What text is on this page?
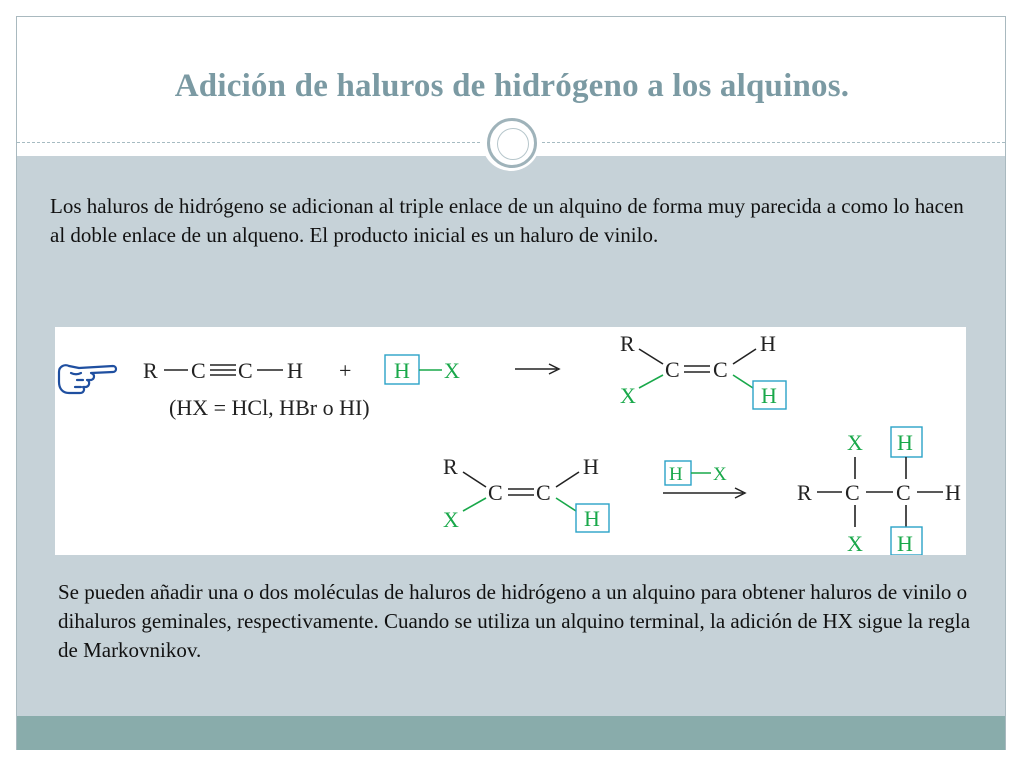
Adición de haluros de hidrógeno a los alquinos.
Los haluros de hidrógeno se adicionan al triple enlace de un alquino de forma muy parecida a como lo hacen al doble enlace de un alqueno. El producto inicial es un haluro de vinilo.
R C C H + H X
(HX = HCl, HBr o HI)
R
X
C C
H
H
R
X
C C
H
H
H X
X H
R C C H
X H
Se pueden añadir una o dos moléculas de haluros de hidrógeno a un alquino para obtener haluros de vinilo o dihaluros geminales, respectivamente. Cuando se utiliza un alquino terminal, la adición de HX sigue la regla de Markovnikov.
